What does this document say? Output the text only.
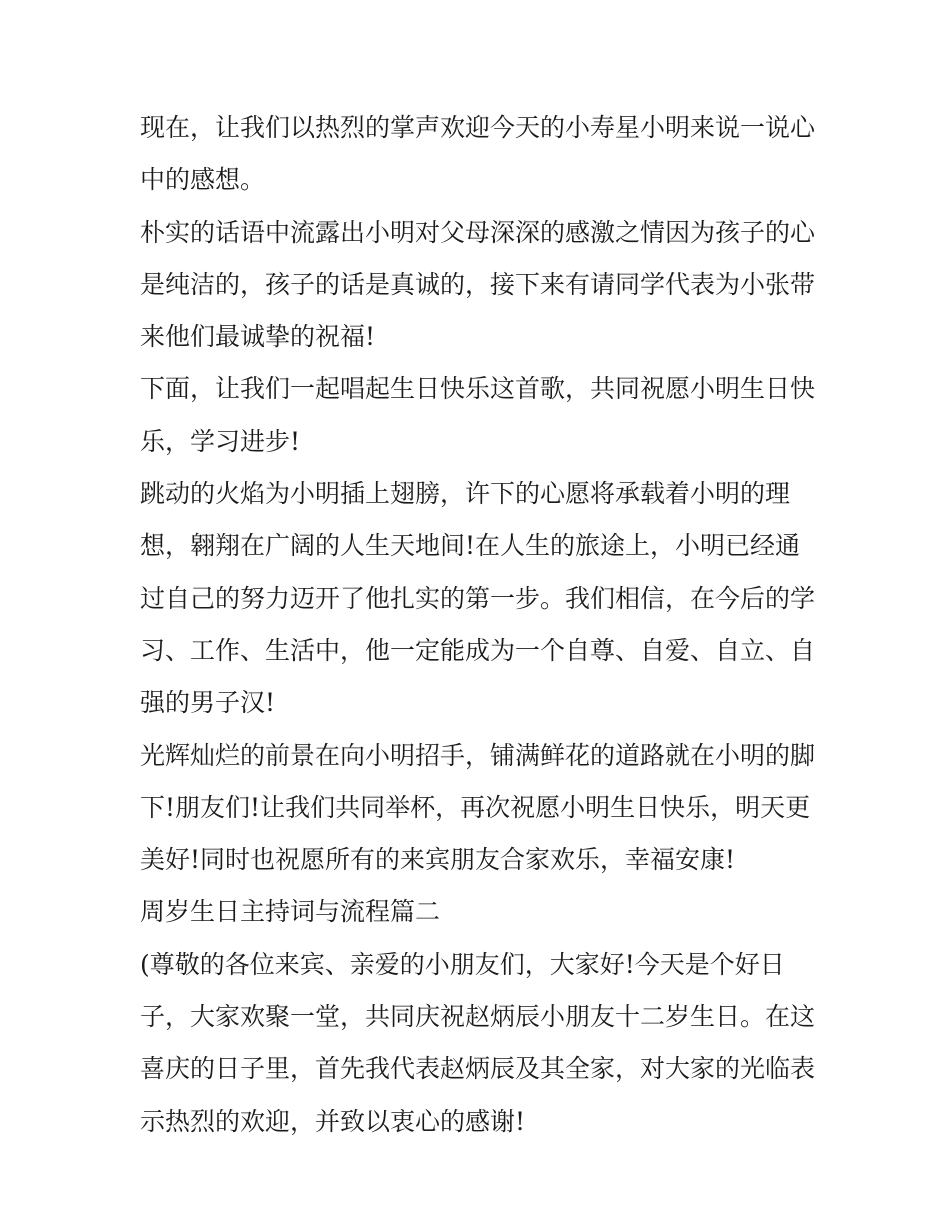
现在，让我们以热烈的掌声欢迎今天的小寿星小明来说一说心
中的感想。
朴实的话语中流露出小明对父母深深的感激之情因为孩子的心
是纯洁的，孩子的话是真诚的，接下来有请同学代表为小张带
来他们最诚挚的祝福!
下面，让我们一起唱起生日快乐这首歌，共同祝愿小明生日快
乐，学习进步!
跳动的火焰为小明插上翅膀，许下的心愿将承载着小明的理
想，翱翔在广阔的人生天地间!在人生的旅途上，小明已经通
过自己的努力迈开了他扎实的第一步。我们相信，在今后的学
习、工作、生活中，他一定能成为一个自尊、自爱、自立、自
强的男子汉!
光辉灿烂的前景在向小明招手，铺满鲜花的道路就在小明的脚
下!朋友们!让我们共同举杯，再次祝愿小明生日快乐，明天更
美好!同时也祝愿所有的来宾朋友合家欢乐，幸福安康!
周岁生日主持词与流程篇二
(尊敬的各位来宾、亲爱的小朋友们，大家好!今天是个好日
子，大家欢聚一堂，共同庆祝赵炳辰小朋友十二岁生日。在这
喜庆的日子里，首先我代表赵炳辰及其全家，对大家的光临表
示热烈的欢迎，并致以衷心的感谢!
